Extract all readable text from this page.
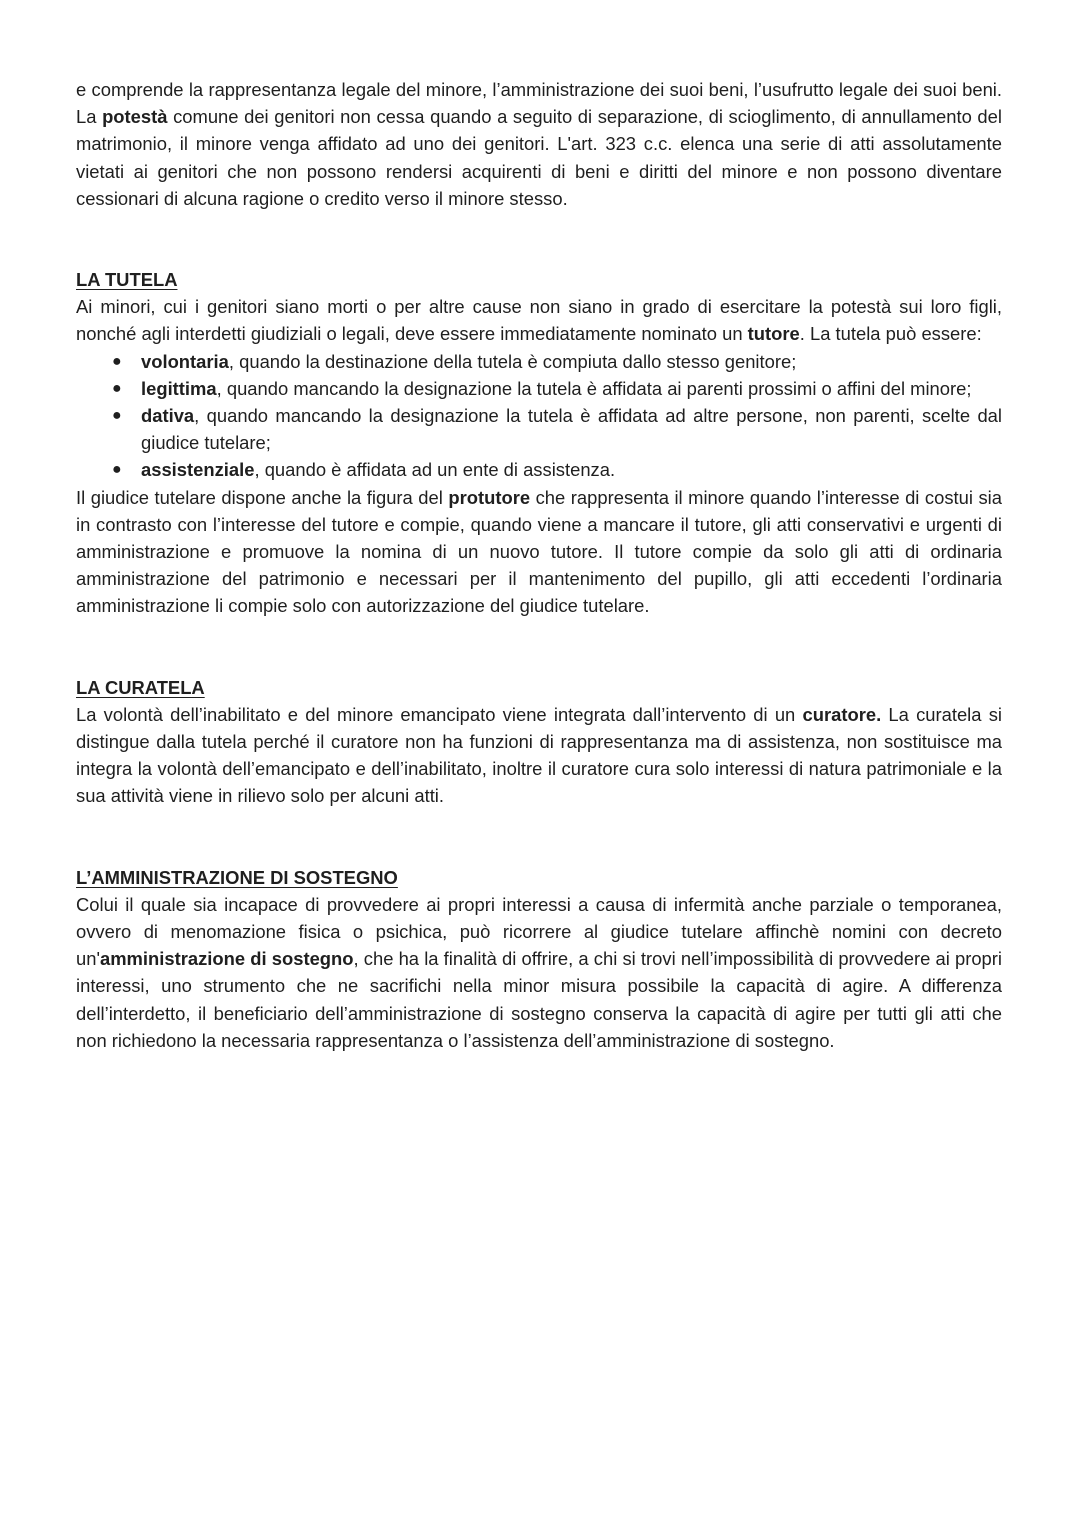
e comprende la rappresentanza legale del minore, l’amministrazione dei suoi beni, l’usufrutto legale dei suoi beni. La potestà comune dei genitori non cessa quando a seguito di separazione, di scioglimento, di annullamento del matrimonio, il minore venga affidato ad uno dei genitori. L'art. 323 c.c. elenca una serie di atti assolutamente vietati ai genitori che non possono rendersi acquirenti di beni e diritti del minore e non possono diventare cessionari di alcuna ragione o credito verso il minore stesso.

LA TUTELA

Ai minori, cui i genitori siano morti o per altre cause non siano in grado di esercitare la potestà sui loro figli, nonché agli interdetti giudiziali o legali, deve essere immediatamente nominato un tutore. La tutela può essere:

● volontaria, quando la destinazione della tutela è compiuta dallo stesso genitore;
● legittima, quando mancando la designazione la tutela è affidata ai parenti prossimi o affini del minore;
● dativa, quando mancando la designazione la tutela è affidata ad altre persone, non parenti, scelte dal giudice tutelare;
● assistenziale, quando è affidata ad un ente di assistenza.

Il giudice tutelare dispone anche la figura del protutore che rappresenta il minore quando l’interesse di costui sia in contrasto con l’interesse del tutore e compie, quando viene a mancare il tutore, gli atti conservativi e urgenti di amministrazione e promuove la nomina di un nuovo tutore. Il tutore compie da solo gli atti di ordinaria amministrazione del patrimonio e necessari per il mantenimento del pupillo, gli atti eccedenti l’ordinaria amministrazione li compie solo con autorizzazione del giudice tutelare.

LA CURATELA

La volontà dell’inabilitato e del minore emancipato viene integrata dall’intervento di un curatore. La curatela si distingue dalla tutela perché il curatore non ha funzioni di rappresentanza ma di assistenza, non sostituisce ma integra la volontà dell’emancipato e dell’inabilitato, inoltre il curatore cura solo interessi di natura patrimoniale e la sua attività viene in rilievo solo per alcuni atti.

L’AMMINISTRAZIONE DI SOSTEGNO

Colui il quale sia incapace di provvedere ai propri interessi a causa di infermità anche parziale o temporanea, ovvero di menomazione fisica o psichica, può ricorrere al giudice tutelare affinchè nomini con decreto un'amministrazione di sostegno, che ha la finalità di offrire, a chi si trovi nell’impossibilità di provvedere ai propri interessi, uno strumento che ne sacrifichi nella minor misura possibile la capacità di agire. A differenza dell’interdetto, il beneficiario dell’amministrazione di sostegno conserva la capacità di agire per tutti gli atti che non richiedono la necessaria rappresentanza o l’assistenza dell’amministrazione di sostegno.
